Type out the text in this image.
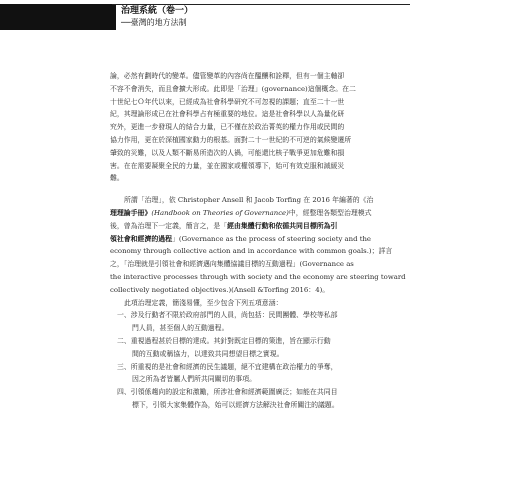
治理系統（卷一）
──臺灣的地方法制
論，必然有劃時代的變革。儘管變革的內容尚在醞釀和詮釋，但有一個主軸卻
不容不會消失，而且會擴大形成。此即是「治理」(governance)這個概念。在二
十世紀七Ｏ年代以來，已經成為社會科學研究不可忽視的課題；直至二十一世
紀，其理論形成已在社會科學占有極重要的地位。這是社會科學以人為量化研
究外，更進一步發現人的結合力量，已不僅在於政治菁英的權力作用或民間的
協力作用，更在於深植國家動力的根基。面對二十一世紀的不可逆的氣候變遷所
肇致的災難，以及人類不斷易所造次的人禍，可能還比核子戰爭更加危難和損
害。在在需要凝聚全民的力量，並在國家或權領導下，始可有效克服和減緩災
難。
所謂「治理」，依 Christopher Ansell 和 Jacob Torfing 在 2016 年編著的《治
理理論手冊》(Handbook on Theories of Governance)中，經整理各類型治理模式
後，曾為治理下一定義，簡言之，是「經由集體行動和依循共同目標所為引
領社會和經濟的過程」(Governance as the process of steering society and the
economy through collective action and in accordance with common goals.)；詳言
之，「治理就是引領社會和經濟邁向集體協議目標的互動過程」(Governance as
the interactive processes through with society and the economy are steering toward
collectively negotiated objectives.)(Ansell &Torfing 2016：4)。
此項治理定義，簡淺易懂，至少包含下列五項意涵：
一、涉及行動者不限於政府部門的人員，尚包括：民間團體、學校等私部
門人員，甚至個人的互動過程。
二、重視過程甚於目標的達成。其針對既定目標的策進，旨在顯示行動
間的互動或稱協力，以達致共同想望目標之實現。
三、所重視的是社會和經濟的民生議題，絕不宜建構在政治權力的爭奪，
因之所為者皆屬人們所共同關切的事項。
四、引領係趨向的設定和激勵，所涉社會和經濟範圍廣泛；如能在共同目
標下，引領大家集體作為，始可以經濟方法解決社會所關注的議題。
